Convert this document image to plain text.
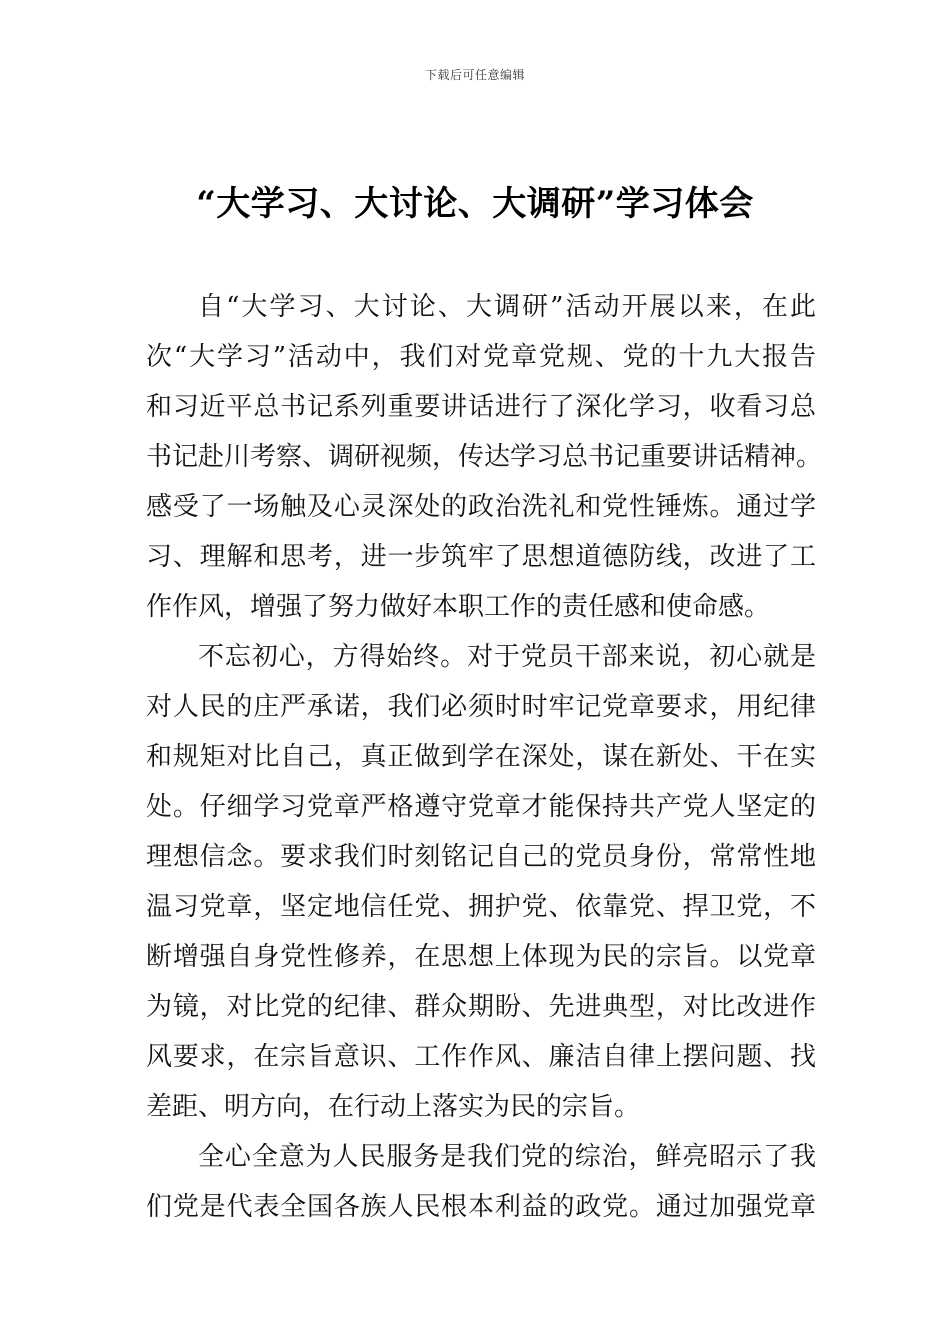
下载后可任意编辑
“大学习、大讨论、大调研”学习体会
自“大学习、大讨论、大调研”活动开展以来，在此
次“大学习”活动中，我们对党章党规、党的十九大报告
和习近平总书记系列重要讲话进行了深化学习，收看习总
书记赴川考察、调研视频，传达学习总书记重要讲话精神。
感受了一场触及心灵深处的政治洗礼和党性锤炼。通过学
习、理解和思考，进一步筑牢了思想道德防线，改进了工
作作风，增强了努力做好本职工作的责任感和使命感。
不忘初心，方得始终。对于党员干部来说，初心就是
对人民的庄严承诺，我们必须时时牢记党章要求，用纪律
和规矩对比自己，真正做到学在深处，谋在新处、干在实
处。仔细学习党章严格遵守党章才能保持共产党人坚定的
理想信念。要求我们时刻铭记自己的党员身份，常常性地
温习党章，坚定地信任党、拥护党、依靠党、捍卫党，不
断增强自身党性修养，在思想上体现为民的宗旨。以党章
为镜，对比党的纪律、群众期盼、先进典型，对比改进作
风要求，在宗旨意识、工作作风、廉洁自律上摆问题、找
差距、明方向，在行动上落实为民的宗旨。
全心全意为人民服务是我们党的综治，鲜亮昭示了我
们党是代表全国各族人民根本利益的政党。通过加强党章
